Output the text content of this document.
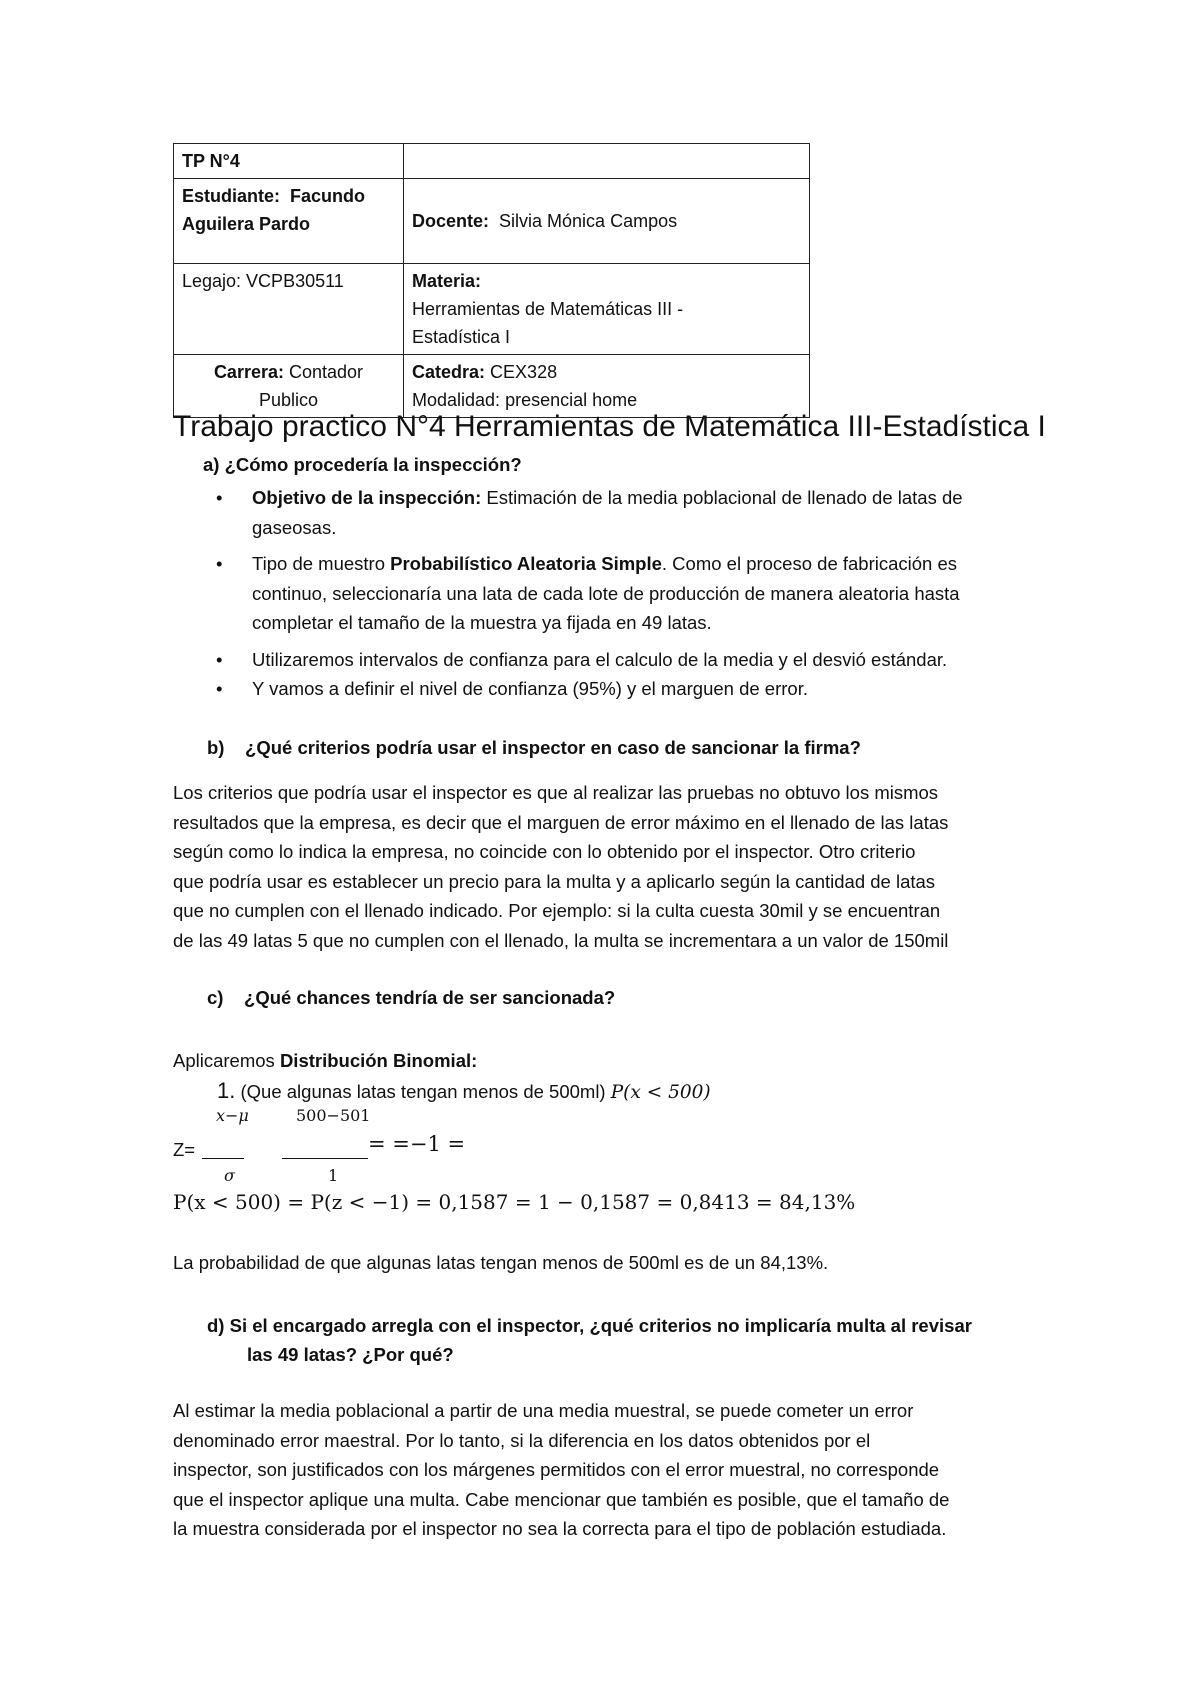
TP N°4	
Estudiante: Facundo
Aguilera Pardo	Docente: Silvia Mónica Campos
Legajo: VCPB30511	Materia:
Herramientas de Matemáticas III -
Estadística I
Carrera: Contador
Publico	Catedra: CEX328
Modalidad: presencial home
Trabajo practico N°4 Herramientas de Matemática III-Estadística I
a) ¿Cómo procedería la inspección?
• Objetivo de la inspección: Estimación de la media poblacional de llenado de latas de
gaseosas.
• Tipo de muestro Probabilístico Aleatoria Simple. Como el proceso de fabricación es
continuo, seleccionaría una lata de cada lote de producción de manera aleatoria hasta
completar el tamaño de la muestra ya fijada en 49 latas.
• Utilizaremos intervalos de confianza para el calculo de la media y el desvió estándar.
• Y vamos a definir el nivel de confianza (95%) y el marguen de error.
b) ¿Qué criterios podría usar el inspector en caso de sancionar la firma?
Los criterios que podría usar el inspector es que al realizar las pruebas no obtuvo los mismos
resultados que la empresa, es decir que el marguen de error máximo en el llenado de las latas
según como lo indica la empresa, no coincide con lo obtenido por el inspector. Otro criterio
que podría usar es establecer un precio para la multa y a aplicarlo según la cantidad de latas
que no cumplen con el llenado indicado. Por ejemplo: si la culta cuesta 30mil y se encuentran
de las 49 latas 5 que no cumplen con el llenado, la multa se incrementara a un valor de 150mil
c) ¿Qué chances tendría de ser sancionada?
Aplicaremos Distribución Binomial:
1. (Que algunas latas tengan menos de 500ml) P(x < 500)
x−μ	500−501
Z=	= =−1 =
σ	1
P(x < 500) = P(z < −1) = 0,1587 = 1 − 0,1587 = 0,8413 = 84,13%
La probabilidad de que algunas latas tengan menos de 500ml es de un 84,13%.
d) Si el encargado arregla con el inspector, ¿qué criterios no implicaría multa al revisar
las 49 latas? ¿Por qué?
Al estimar la media poblacional a partir de una media muestral, se puede cometer un error
denominado error maestral. Por lo tanto, si la diferencia en los datos obtenidos por el
inspector, son justificados con los márgenes permitidos con el error muestral, no corresponde
que el inspector aplique una multa. Cabe mencionar que también es posible, que el tamaño de
la muestra considerada por el inspector no sea la correcta para el tipo de población estudiada.
